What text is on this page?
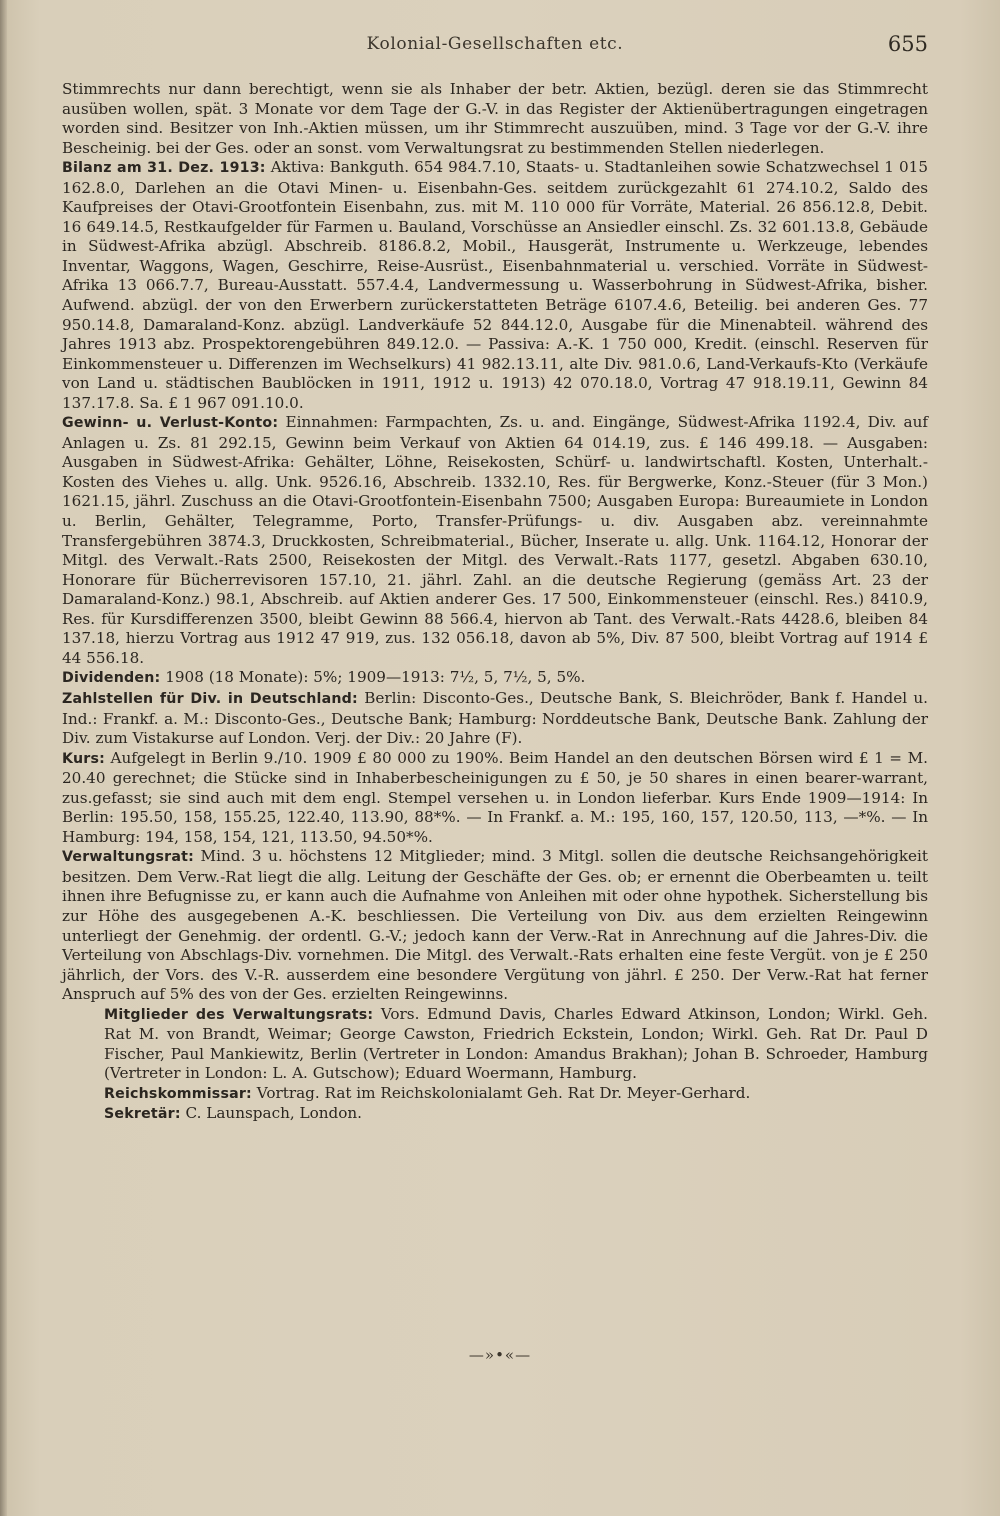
Kolonial-Gesellschaften etc.	655

Stimmrechts nur dann berechtigt, wenn sie als Inhaber der betr. Aktien, bezügl. deren sie das Stimmrecht ausüben wollen, spät. 3 Monate vor dem Tage der G.-V. in das Register der Aktienübertragungen eingetragen worden sind. Besitzer von Inh.-Aktien müssen, um ihr Stimmrecht auszuüben, mind. 3 Tage vor der G.-V. ihre Bescheinig. bei der Ges. oder an sonst. vom Verwaltungsrat zu bestimmenden Stellen niederlegen.

Bilanz am 31. Dez. 1913: Aktiva: Bankguth. 654 984.7.10, Staats- u. Stadtanleihen sowie Schatzwechsel 1 015 162.8.0, Darlehen an die Otavi Minen- u. Eisenbahn-Ges. seitdem zurückgezahlt 61 274.10.2, Saldo des Kaufpreises der Otavi-Grootfontein Eisenbahn, zus. mit M. 110 000 für Vorräte, Material. 26 856.12.8, Debit. 16 649.14.5, Restkaufgelder für Farmen u. Bauland, Vorschüsse an Ansiedler einschl. Zs. 32 601.13.8, Gebäude in Südwest-Afrika abzügl. Abschreib. 8186.8.2, Mobil., Hausgerät, Instrumente u. Werkzeuge, lebendes Inventar, Waggons, Wagen, Geschirre, Reise-Ausrüst., Eisenbahnmaterial u. verschied. Vorräte in Südwest-Afrika 13 066.7.7, Bureau-Ausstatt. 557.4.4, Landvermessung u. Wasserbohrung in Südwest-Afrika, bisher. Aufwend. abzügl. der von den Erwerbern zurückerstatteten Beträge 6107.4.6, Beteilig. bei anderen Ges. 77 950.14.8, Damaraland-Konz. abzügl. Landverkäufe 52 844.12.0, Ausgabe für die Minenabteil. während des Jahres 1913 abz. Prospektorengebühren 849.12.0. — Passiva: A.-K. 1 750 000, Kredit. (einschl. Reserven für Einkommensteuer u. Differenzen im Wechselkurs) 41 982.13.11, alte Div. 981.0.6, Land-Verkaufs-Kto (Verkäufe von Land u. städtischen Baublöcken in 1911, 1912 u. 1913) 42 070.18.0, Vortrag 47 918.19.11, Gewinn 84 137.17.8. Sa. £ 1 967 091.10.0.

Gewinn- u. Verlust-Konto: Einnahmen: Farmpachten, Zs. u. and. Eingänge, Südwest-Afrika 1192.4, Div. auf Anlagen u. Zs. 81 292.15, Gewinn beim Verkauf von Aktien 64 014.19, zus. £ 146 499.18. — Ausgaben: Ausgaben in Südwest-Afrika: Gehälter, Löhne, Reisekosten, Schürf- u. landwirtschaftl. Kosten, Unterhalt.-Kosten des Viehes u. allg. Unk. 9526.16, Abschreib. 1332.10, Res. für Bergwerke, Konz.-Steuer (für 3 Mon.) 1621.15, jährl. Zuschuss an die Otavi-Grootfontein-Eisenbahn 7500; Ausgaben Europa: Bureaumiete in London u. Berlin, Gehälter, Telegramme, Porto, Transfer-Prüfungs- u. div. Ausgaben abz. vereinnahmte Transfergebühren 3874.3, Druckkosten, Schreibmaterial., Bücher, Inserate u. allg. Unk. 1164.12, Honorar der Mitgl. des Verwalt.-Rats 2500, Reisekosten der Mitgl. des Verwalt.-Rats 1177, gesetzl. Abgaben 630.10, Honorare für Bücherrevisoren 157.10, 21. jährl. Zahl. an die deutsche Regierung (gemäss Art. 23 der Damaraland-Konz.) 98.1, Abschreib. auf Aktien anderer Ges. 17 500, Einkommensteuer (einschl. Res.) 8410.9, Res. für Kursdifferenzen 3500, bleibt Gewinn 88 566.4, hiervon ab Tant. des Verwalt.-Rats 4428.6, bleiben 84 137.18, hierzu Vortrag aus 1912 47 919, zus. 132 056.18, davon ab 5%, Div. 87 500, bleibt Vortrag auf 1914 £ 44 556.18.

Dividenden: 1908 (18 Monate): 5%; 1909—1913: 7½, 5, 7½, 5, 5%.

Zahlstellen für Div. in Deutschland: Berlin: Disconto-Ges., Deutsche Bank, S. Bleichröder, Bank f. Handel u. Ind.: Frankf. a. M.: Disconto-Ges., Deutsche Bank; Hamburg: Norddeutsche Bank, Deutsche Bank. Zahlung der Div. zum Vistakurse auf London. Verj. der Div.: 20 Jahre (F).

Kurs: Aufgelegt in Berlin 9./10. 1909 £ 80 000 zu 190%. Beim Handel an den deutschen Börsen wird £ 1 = M. 20.40 gerechnet; die Stücke sind in Inhaberbescheinigungen zu £ 50, je 50 shares in einen bearer-warrant, zus.gefasst; sie sind auch mit dem engl. Stempel versehen u. in London lieferbar. Kurs Ende 1909—1914: In Berlin: 195.50, 158, 155.25, 122.40, 113.90, 88*%. — In Frankf. a. M.: 195, 160, 157, 120.50, 113, —*%. — In Hamburg: 194, 158, 154, 121, 113.50, 94.50*%.

Verwaltungsrat: Mind. 3 u. höchstens 12 Mitglieder; mind. 3 Mitgl. sollen die deutsche Reichsangehörigkeit besitzen. Dem Verw.-Rat liegt die allg. Leitung der Geschäfte der Ges. ob; er ernennt die Oberbeamten u. teilt ihnen ihre Befugnisse zu, er kann auch die Aufnahme von Anleihen mit oder ohne hypothek. Sicherstellung bis zur Höhe des ausgegebenen A.-K. beschliessen. Die Verteilung von Div. aus dem erzielten Reingewinn unterliegt der Genehmig. der ordentl. G.-V.; jedoch kann der Verw.-Rat in Anrechnung auf die Jahres-Div. die Verteilung von Abschlags-Div. vornehmen. Die Mitgl. des Verwalt.-Rats erhalten eine feste Vergüt. von je £ 250 jährlich, der Vors. des V.-R. ausserdem eine besondere Vergütung von jährl. £ 250. Der Verw.-Rat hat ferner Anspruch auf 5% des von der Ges. erzielten Reingewinns.

Mitglieder des Verwaltungsrats: Vors. Edmund Davis, Charles Edward Atkinson, London; Wirkl. Geh. Rat M. von Brandt, Weimar; George Cawston, Friedrich Eckstein, London; Wirkl. Geh. Rat Dr. Paul D Fischer, Paul Mankiewitz, Berlin (Vertreter in London: Amandus Brakhan); Johan B. Schroeder, Hamburg (Vertreter in London: L. A. Gutschow); Eduard Woermann, Hamburg.

Reichskommissar: Vortrag. Rat im Reichskolonialamt Geh. Rat Dr. Meyer-Gerhard.

Sekretär: C. Launspach, London.

—»•«—
